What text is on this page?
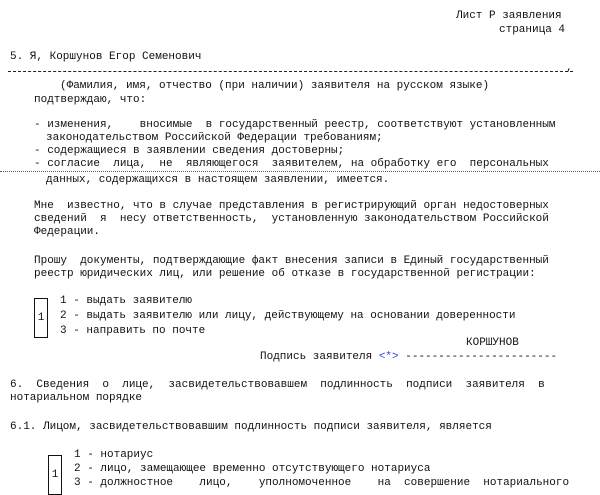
Лист Р заявления
страница 4
5. Я, Коршунов Егор Семенович
,
(Фамилия, имя, отчество (при наличии) заявителя на русском языке)
подтверждаю, что:
- изменения,    вносимые  в государственный реестр, соответствуют установленным
законодательством Российской Федерации требованиям;
- содержащиеся в заявлении сведения достоверны;
- согласие  лица,  не  являющегося  заявителем, на обработку его  персональных
данных, содержащихся в настоящем заявлении, имеется.
Мне  известно, что в случае представления в регистрирующий орган недостоверных
сведений  я  несу ответственность,  установленную законодательством Российской
Федерации.
Прошу  документы, подтверждающие факт внесения записи в Единый государственный
реестр юридических лиц, или решение об отказе в государственной регистрации:
1
1 - выдать заявителю
2 - выдать заявителю или лицу, действующему на основании доверенности
3 - направить по почте
КОРШУНОВ
Подпись заявителя <*> -----------------------
6.  Сведения  о  лице,  засвидетельствовавшем  подлинность  подписи  заявителя  в
нотариальном порядке
6.1. Лицом, засвидетельствовавшим подлинность подписи заявителя, является
1
1 - нотариус
2 - лицо, замещающее временно отсутствующего нотариуса
3 - должностное    лицо,    уполномоченное    на  совершение  нотариального
